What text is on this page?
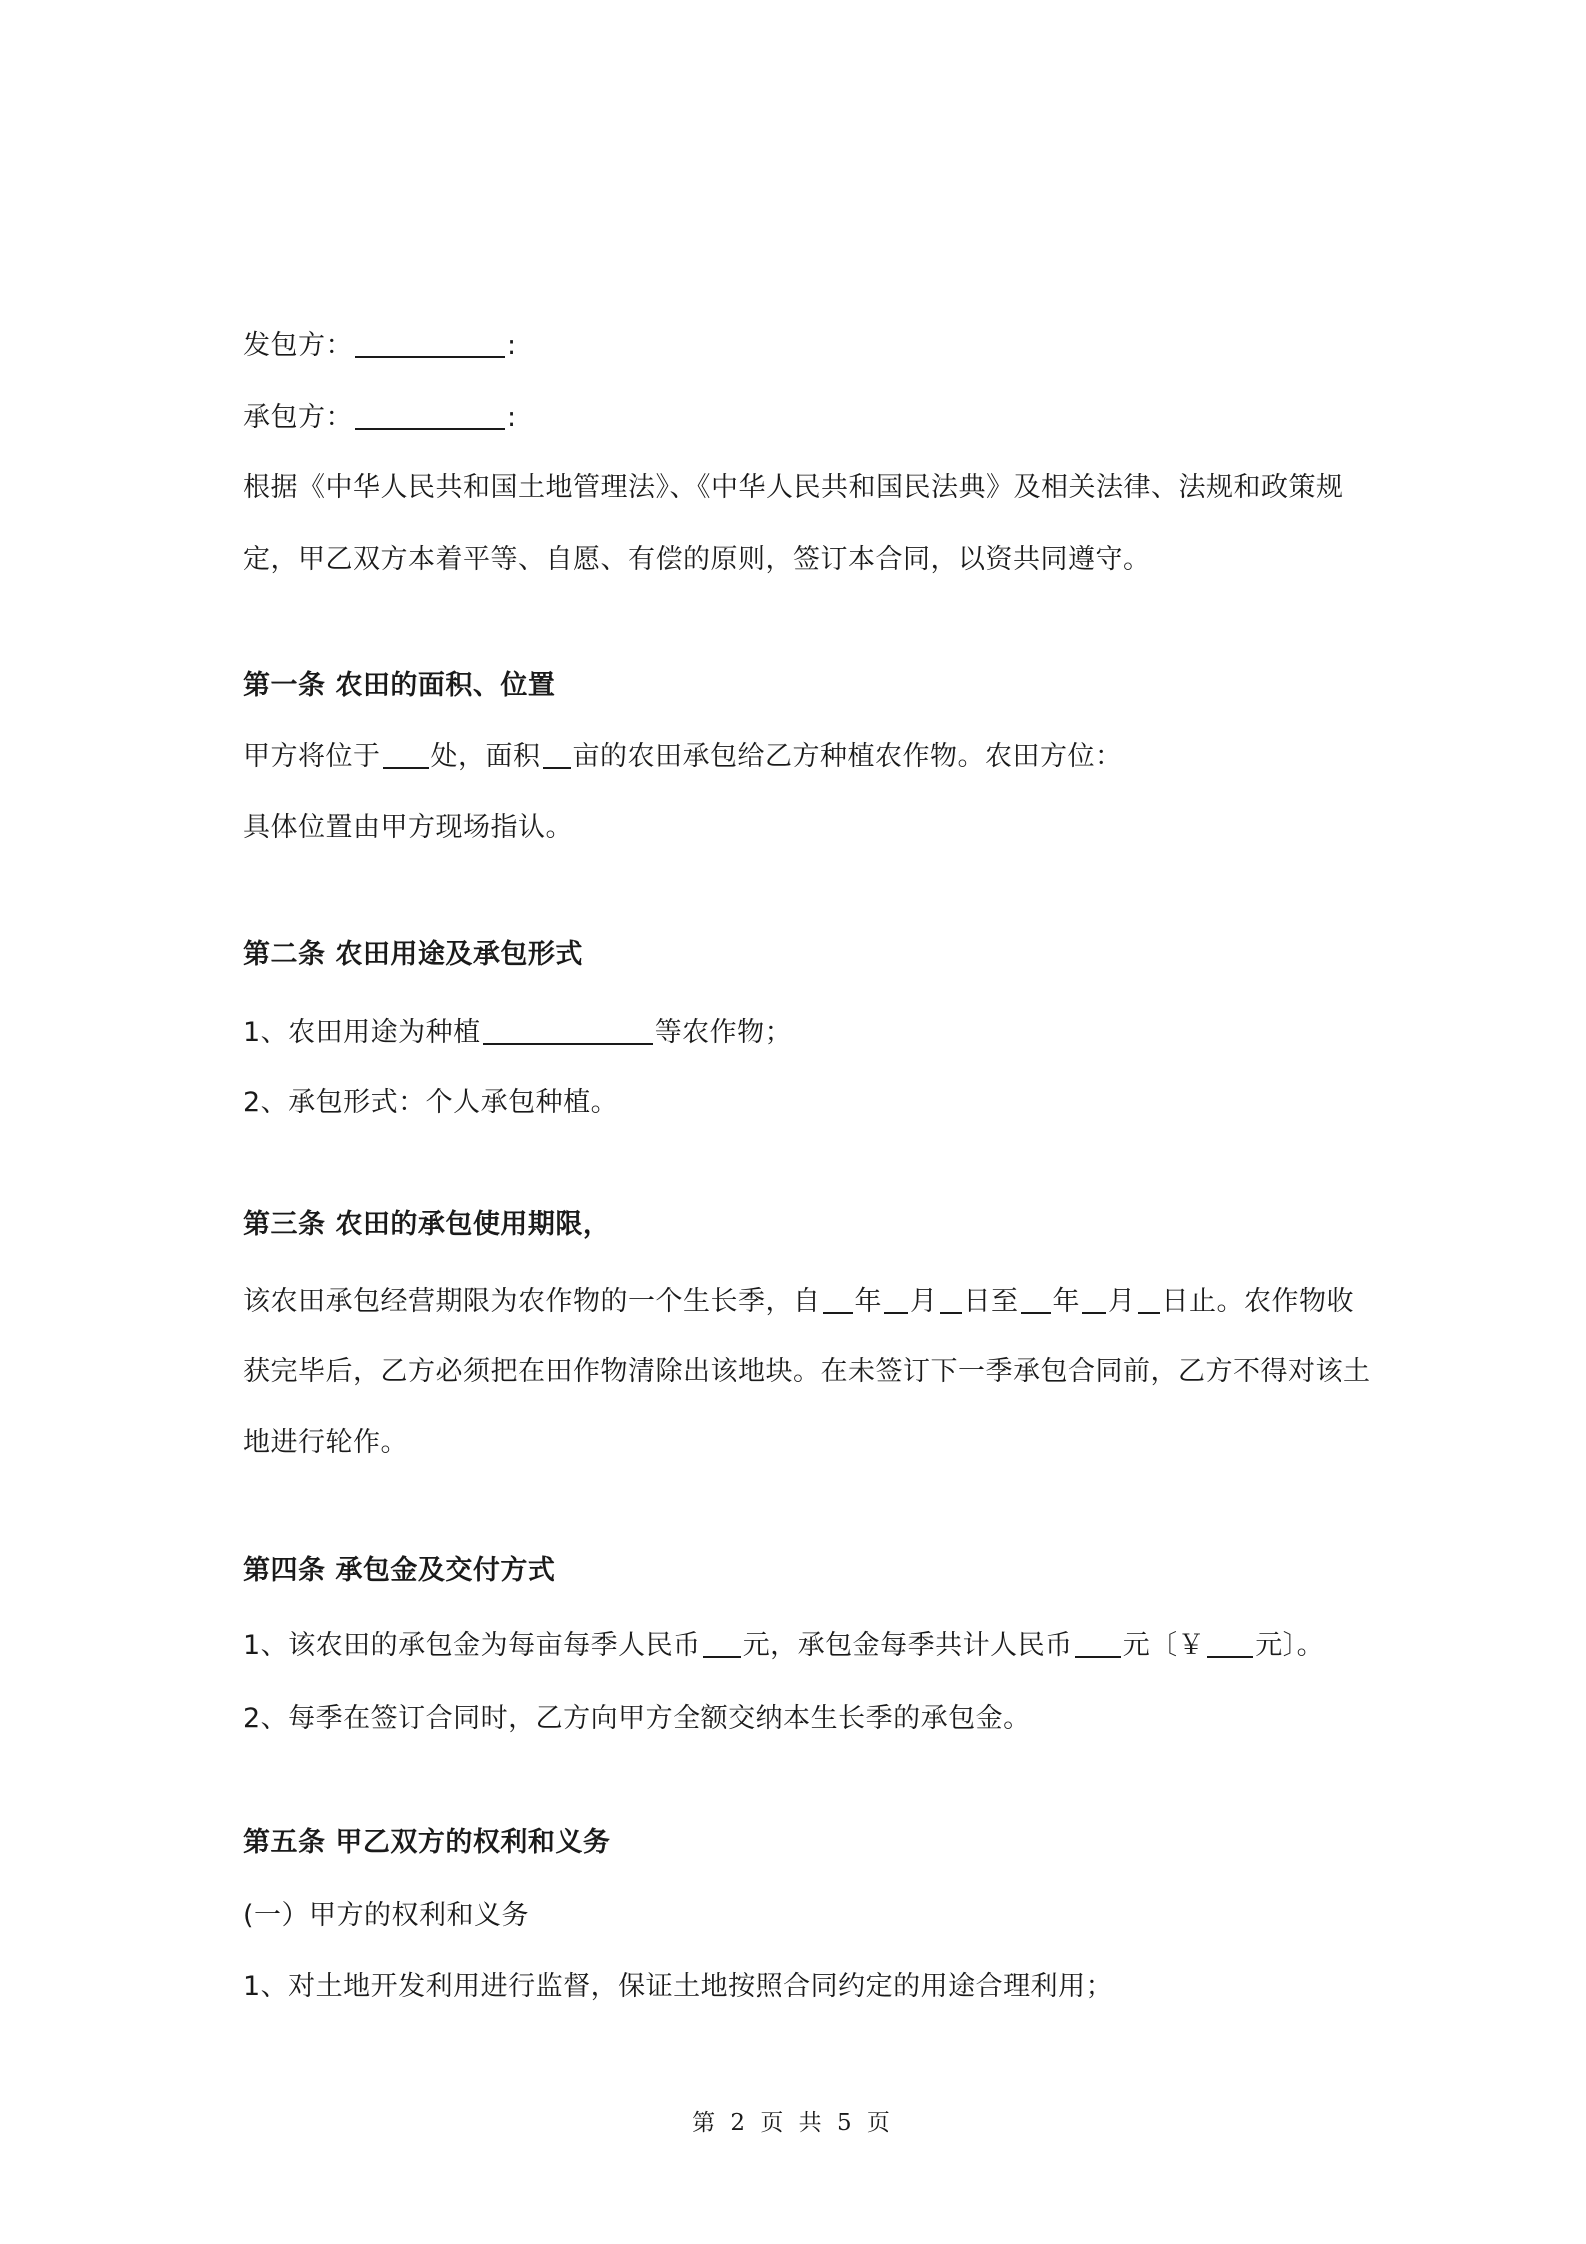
发包方：	:
承包方：	:
根据《中华人民共和国土地管理法》、《中华人民共和国民法典》及相关法律、法规和政策规
定，甲乙双方本着平等、自愿、有偿的原则，签订本合同，以资共同遵守。
第一条 农田的面积、位置
甲方将位于 处，面积 亩的农田承包给乙方种植农作物。农田方位：
具体位置由甲方现场指认。
第二条 农田用途及承包形式
1、农田用途为种植	等农作物；
2、承包形式：个人承包种植。
第三条 农田的承包使用期限，
该农田承包经营期限为农作物的一个生长季，自 年 月 日至 年 月 日止。农作物收
获完毕后，乙方必须把在田作物清除出该地块。在未签订下一季承包合同前，乙方不得对该土
地进行轮作。
第四条 承包金及交付方式
1、该农田的承包金为每亩每季人民币 元，承包金每季共计人民币 元〔￥ 元〕。
2、每季在签订合同时，乙方向甲方全额交纳本生长季的承包金。
第五条 甲乙双方的权利和义务
(一）甲方的权利和义务
1、对土地开发利用进行监督，保证土地按照合同约定的用途合理利用；
第 2 页 共 5 页
